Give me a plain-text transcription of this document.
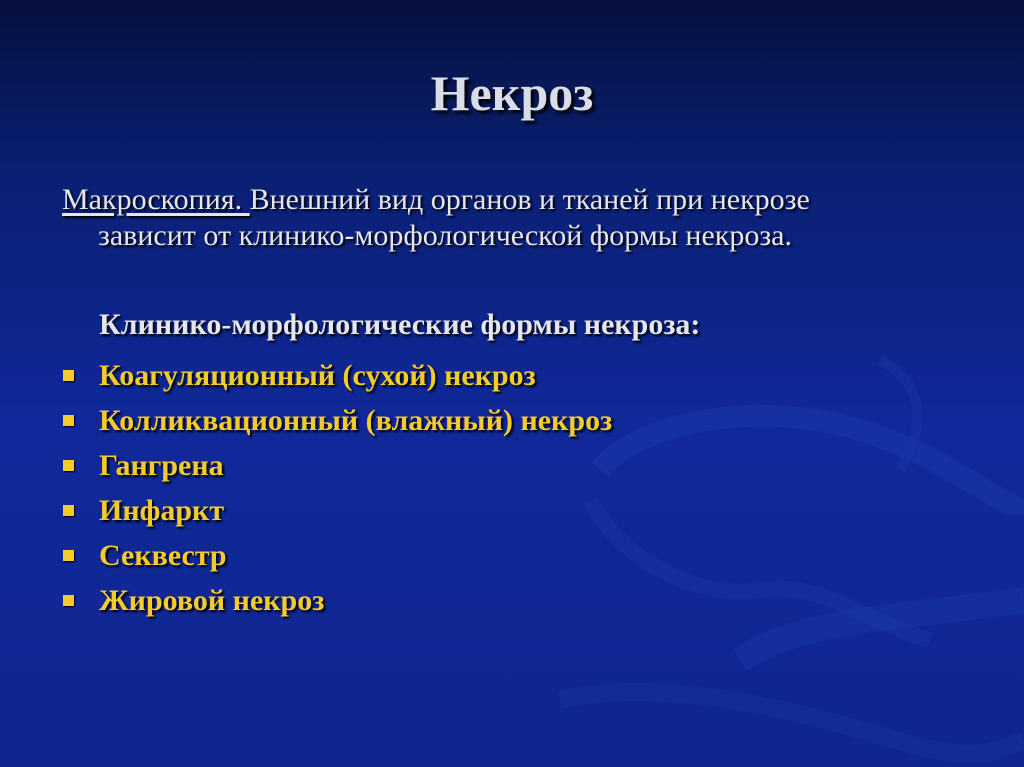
Некроз
Макроскопия. Внешний вид органов и тканей при некрозе
зависит от клинико-морфологической формы некроза.
Клинико-морфологические формы некроза:
Коагуляционный (сухой) некроз
Колликвационный (влажный) некроз
Гангрена
Инфаркт
Секвестр
Жировой некроз
